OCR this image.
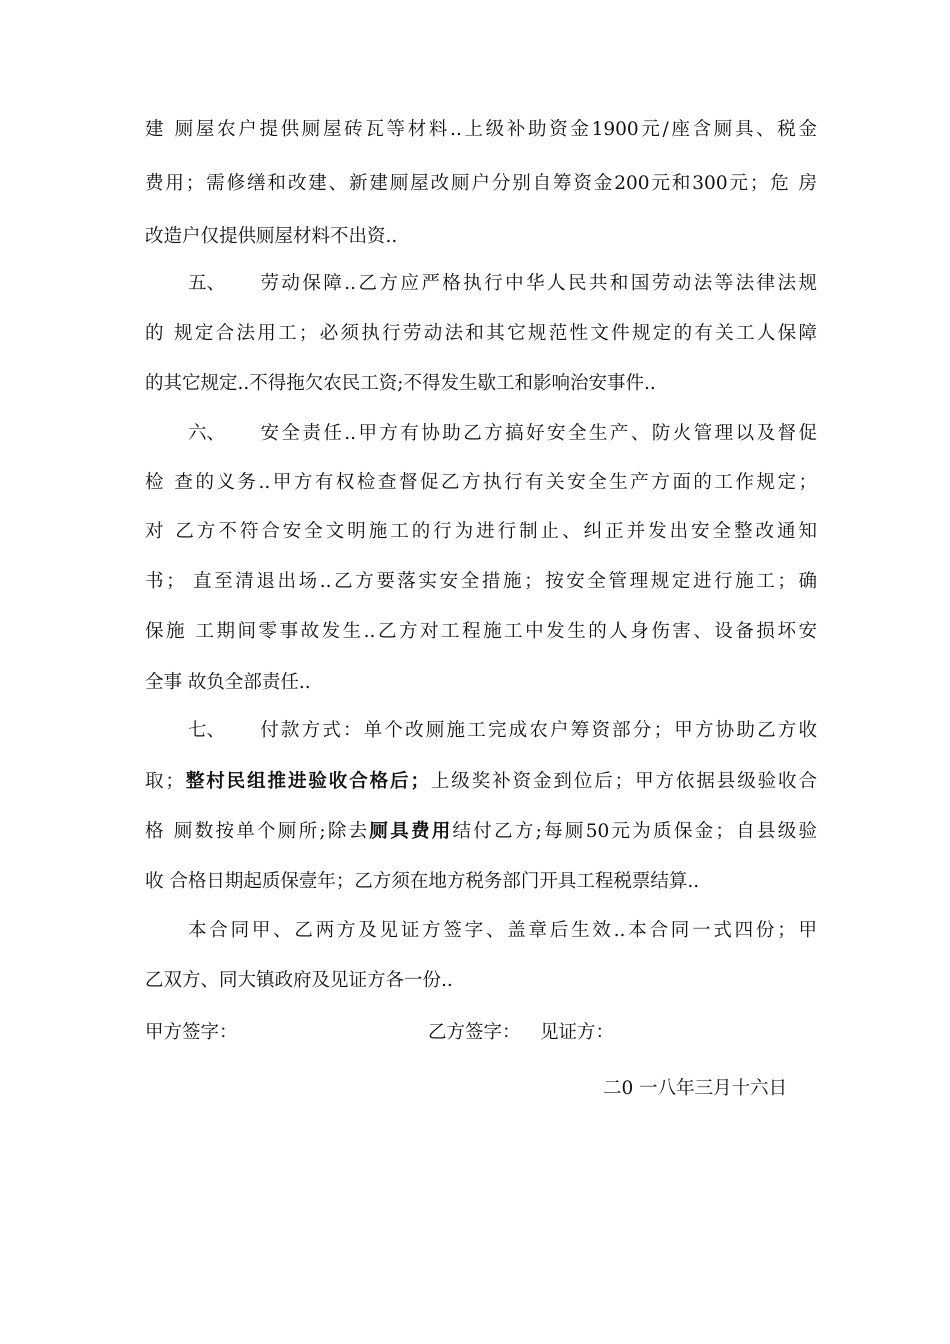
建 厕屋农户提供厕屋砖瓦等材料..上级补助资金1900元/座含厕具、税金
费用；需修缮和改建、新建厕屋改厕户分别自筹资金200元和300元；危 房
改造户仅提供厕屋材料不出资..
五、 劳动保障..乙方应严格执行中华人民共和国劳动法等法律法规
的 规定合法用工；必须执行劳动法和其它规范性文件规定的有关工人保障
的其它规定..不得拖欠农民工资;不得发生歇工和影响治安事件..
六、 安全责任..甲方有协助乙方搞好安全生产、防火管理以及督促
检 查的义务..甲方有权检查督促乙方执行有关安全生产方面的工作规定；
对 乙方不符合安全文明施工的行为进行制止、纠正并发出安全整改通知
书； 直至清退出场..乙方要落实安全措施；按安全管理规定进行施工；确
保施 工期间零事故发生..乙方对工程施工中发生的人身伤害、设备损坏安
全事 故负全部责任..
七、 付款方式：单个改厕施工完成农户筹资部分；甲方协助乙方收
取；整村民组推进验收合格后；上级奖补资金到位后；甲方依据县级验收合
格 厕数按单个厕所;除去厕具费用结付乙方;每厕50元为质保金；自县级验
收 合格日期起质保壹年；乙方须在地方税务部门开具工程税票结算..
本合同甲、乙两方及见证方签字、盖章后生效..本合同一式四份；甲
乙双方、同大镇政府及见证方各一份..
甲方签字：	乙方签字： 见证方：
二0 一八年三月十六日
